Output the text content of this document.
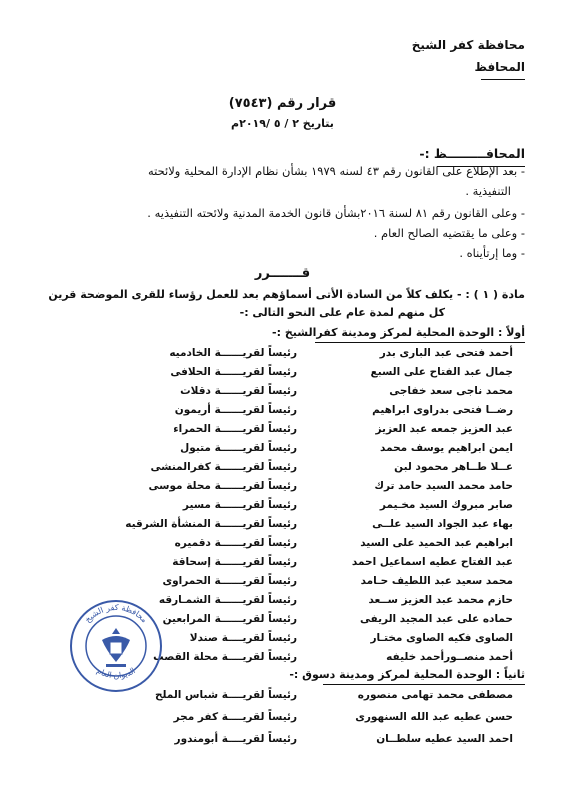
محافظة كفر الشيخ
المحافظ
قرار رقم (٧٥٤٣)
بتاريخ ٢ / ٥ /٢٠١٩م
المحافـــــــــظ :-
- بعد الإطلاع على القانون رقم ٤٣ لسنه ١٩٧٩ بشأن نظام الإدارة المحلية ولائحته
التنفيذية .
- وعلى القانون رقم ٨١ لسنة ٢٠١٦بشأن قانون الخدمة المدنية ولائحته التنفيذيه .
- وعلى ما يقتضيه الصالح العام .
- وما إرتأيناه .
قـــــــرر
مادة ( ١ ) : - يكلف كلاً من السادة الأتى أسماؤهم بعد للعمل رؤساء للقرى الموضحة قرين
كل منهم لمدة عام على النحو التالى :-
أولاً : الوحدة المحلية لمركز ومدينة كفرالشيخ :-
أحمد فتحى عبد البارى بدر
رئيساً لقريــــــة الخادميه
جمال عبد الفتاح على السبع
رئيساً لقريــــــة الحلافى
محمد ناجى سعد خفاجى
رئيساً لقريــــــة دقلات
رضــا فتحى بدراوى ابراهيم
رئيساً لقريــــــة أريمون
عبد العزيز جمعه عبد العزيز
رئيساً لقريــــــة الحمراء
ايمن ابراهيم يوسف محمد
رئيساً لقريــــــة متبول
عــلا طــاهر محمود لبن
رئيساً لقريــــــة كفرالمنشى
حامد محمد السيد حامد ترك
رئيساً لقريــــــة محلة موسى
صابر مبروك السيد مخـيمر
رئيساً لقريــــــة مسير
بهاء عبد الجواد السيد علــى
رئيساً لقريــــــة المنشأة الشرقيه
ابراهيم عبد الحميد على السيد
رئيساً لقريــــــة دقميره
عبد الفتاح عطيه اسماعيل احمد
رئيساً لقريــــــة إسحاقة
محمد سعيد عبد اللطيف حـامد
رئيساً لقريــــــة الحمراوى
حازم محمد عبد العزيز ســعد
رئيساً لقريــــــة الشمـارقه
حماده على عبد المجيد الريفى
رئيساً لقريــــــة المرابعين
الصاوى فكيه الصاوى مختـار
رئيساً لقريــــة صندلا
أحمد منصــورأحمد خليفه
رئيساً لقريــــة محلة القصب
ثانياً : الوحدة المحلية لمركز ومدينة دسوق :-
مصطفى محمد تهامى منصوره
رئيساً لقريــــة شباس الملح
حسن عطيه عبد الله السنهورى
رئيساً لقريــــة كفر مجر
احمد السيد عطيه سلطــان
رئيساً لقريــــة أبومندور
محافظة كفر الشيخ
الديوان العام
